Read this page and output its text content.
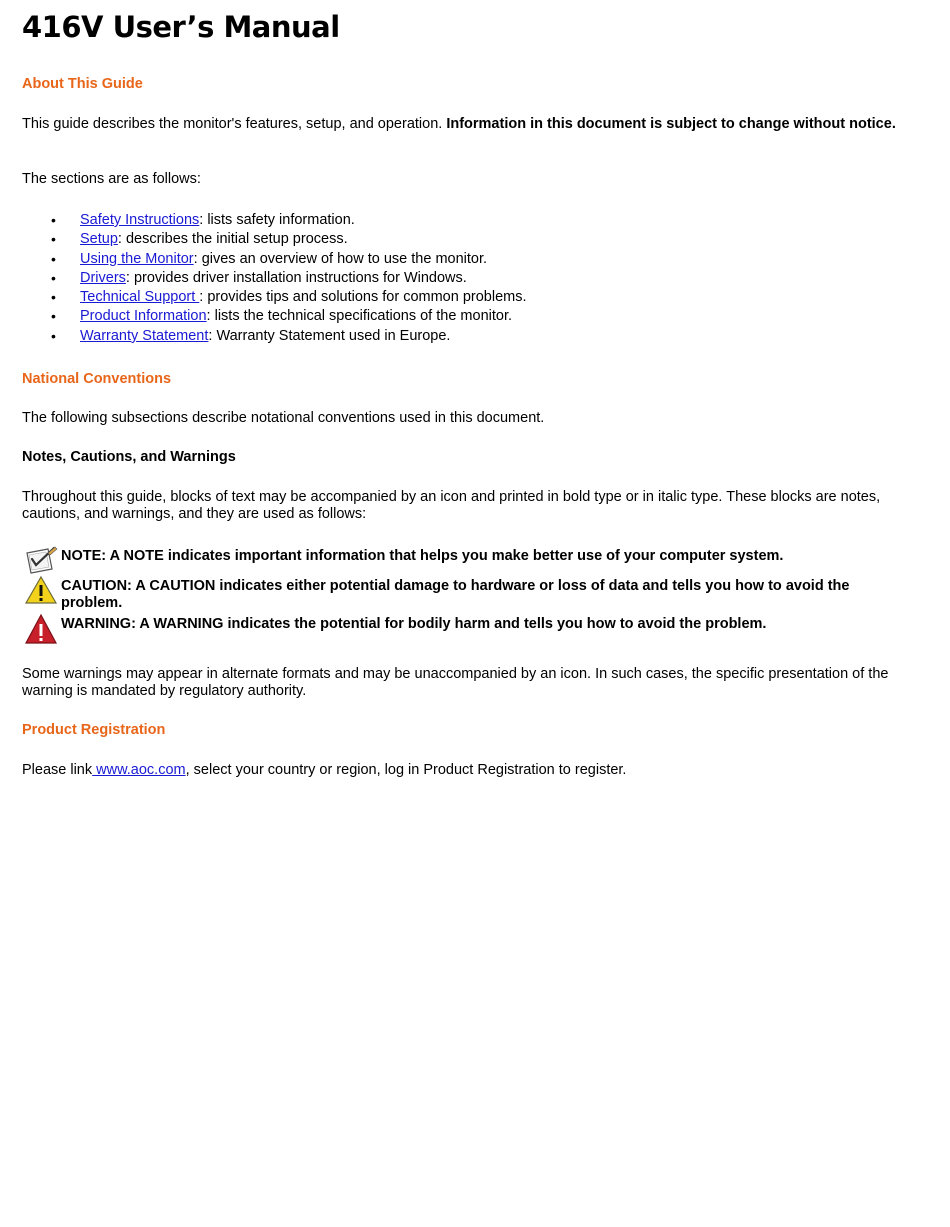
416V User’s Manual
About This Guide

This guide describes the monitor's features, setup, and operation. Information in this document is subject to change without notice.

The sections are as follows:

• Safety Instructions: lists safety information.
• Setup: describes the initial setup process.
• Using the Monitor: gives an overview of how to use the monitor.
• Drivers: provides driver installation instructions for Windows.
• Technical Support : provides tips and solutions for common problems.
• Product Information: lists the technical specifications of the monitor.
• Warranty Statement: Warranty Statement used in Europe.
National Conventions

The following subsections describe notational conventions used in this document.

Notes, Cautions, and Warnings

Throughout this guide, blocks of text may be accompanied by an icon and printed in bold type or in italic type. These blocks are notes, cautions, and warnings, and they are used as follows:

NOTE: A NOTE indicates important information that helps you make better use of your computer system.
CAUTION: A CAUTION indicates either potential damage to hardware or loss of data and tells you how to avoid the problem.
WARNING: A WARNING indicates the potential for bodily harm and tells you how to avoid the problem.

Some warnings may appear in alternate formats and may be unaccompanied by an icon. In such cases, the specific presentation of the warning is mandated by regulatory authority.

Product Registration

Please link www.aoc.com, select your country or region, log in Product Registration to register.
